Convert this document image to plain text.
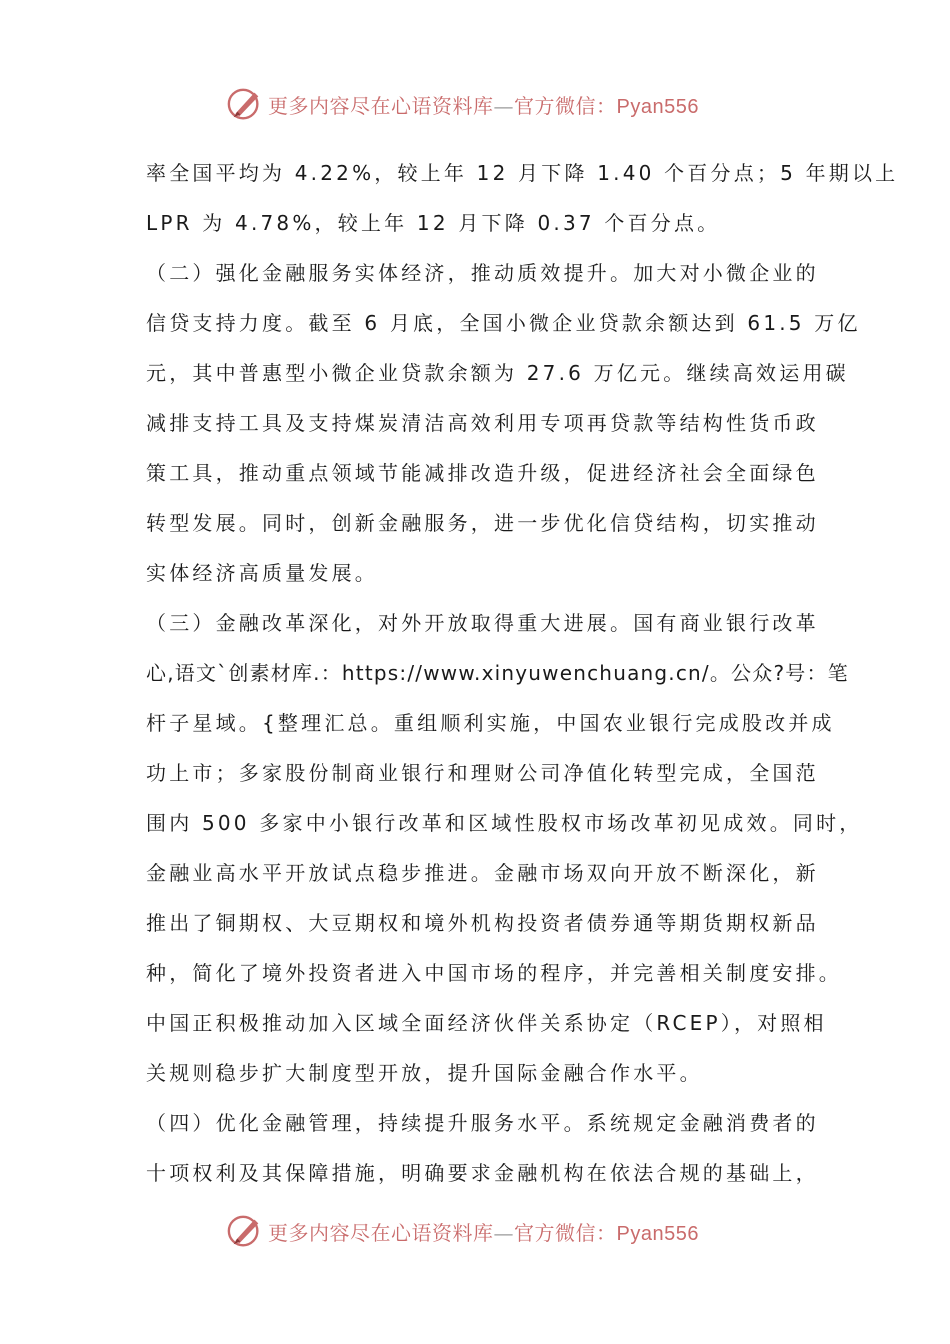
更多内容尽在心语资料库—官方微信：Pyan556
率全国平均为 4.22%，较上年 12 月下降 1.40 个百分点；5 年期以上
LPR 为 4.78%，较上年 12 月下降 0.37 个百分点。
（二）强化金融服务实体经济，推动质效提升。加大对小微企业的
信贷支持力度。截至 6 月底，全国小微企业贷款余额达到 61.5 万亿
元，其中普惠型小微企业贷款余额为 27.6 万亿元。继续高效运用碳
减排支持工具及支持煤炭清洁高效利用专项再贷款等结构性货币政
策工具，推动重点领域节能减排改造升级，促进经济社会全面绿色
转型发展。同时，创新金融服务，进一步优化信贷结构，切实推动
实体经济高质量发展。
（三）金融改革深化，对外开放取得重大进展。国有商业银行改革
心,语文`创素材库.：https://www.xinyuwenchuang.cn/。公众?号：笔
杆子星域。{整理汇总。重组顺利实施，中国农业银行完成股改并成
功上市；多家股份制商业银行和理财公司净值化转型完成，全国范
围内 500 多家中小银行改革和区域性股权市场改革初见成效。同时，
金融业高水平开放试点稳步推进。金融市场双向开放不断深化，新
推出了铜期权、大豆期权和境外机构投资者债券通等期货期权新品
种，简化了境外投资者进入中国市场的程序，并完善相关制度安排。
中国正积极推动加入区域全面经济伙伴关系协定（RCEP），对照相
关规则稳步扩大制度型开放，提升国际金融合作水平。
（四）优化金融管理，持续提升服务水平。系统规定金融消费者的
十项权利及其保障措施，明确要求金融机构在依法合规的基础上，
更多内容尽在心语资料库—官方微信：Pyan556
